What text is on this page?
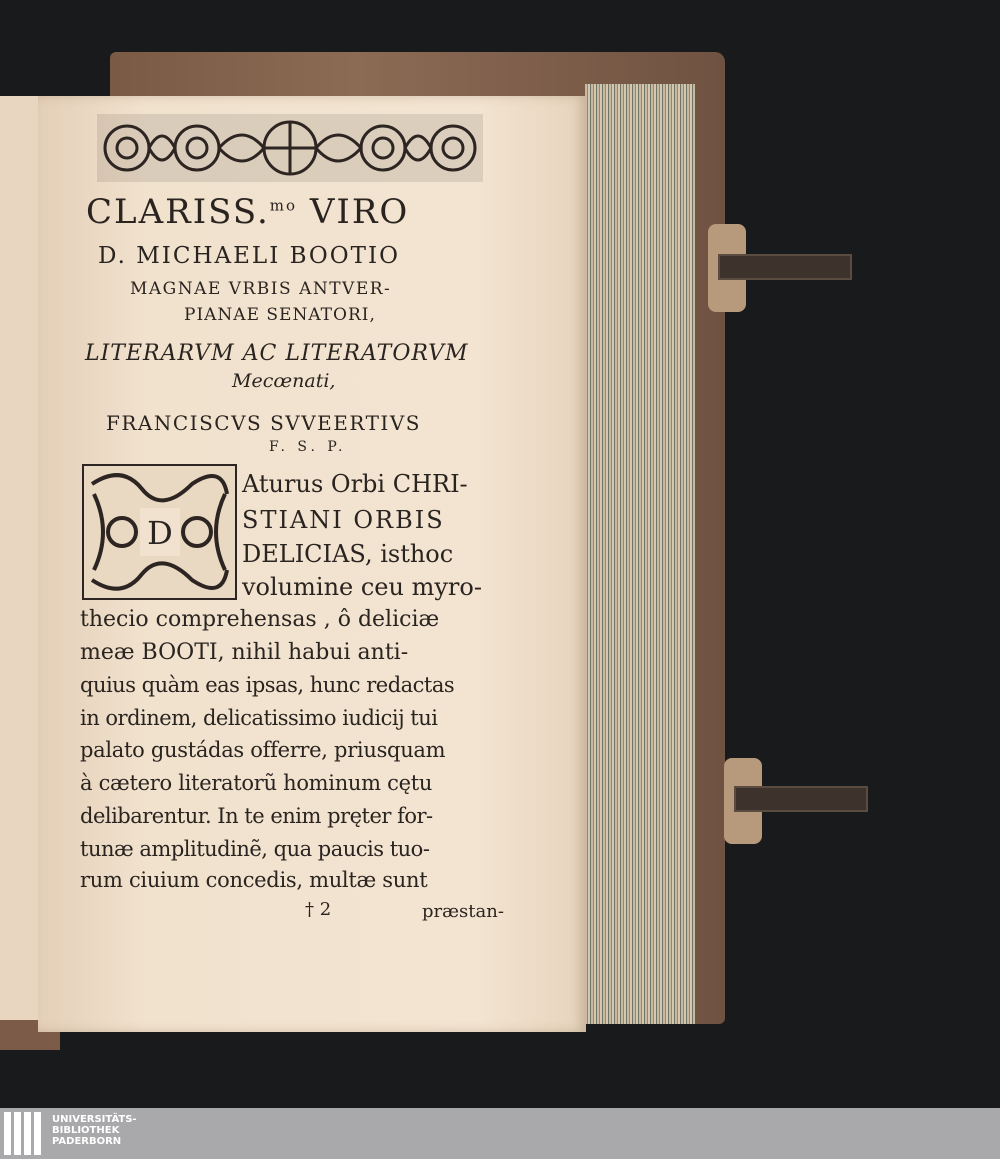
CLARISS.$^{mo}$ VIRO
D. MICHAELI BOOTIO
MAGNAE VRBIS ANTVER-
PIANAE SENATORI,
LITERARVM AC LITERATORVM
Mecœnati,
FRANCISCVS SVVEERTIVS
F. S. P.
D
Aturus Orbi CHRI-
STIANI ORBIS
DELICIAS, isthoc
volumine ceu myro-
thecio comprehensas , ô deliciæ
meæ BOOTI, nihil habui anti-
quius quàm eas ipsas, hunc redactas
in ordinem, delicatissimo iudicij tui
palato gustádas offerre, priusquam
à cætero literatorũ hominum cętu
delibarentur. In te enim pręter for-
tunæ amplitudinẽ, qua paucis tuo-
rum ciuium concedis, multæ sunt
† 2	præstan-
UNIVERSITÄTS-
BIBLIOTHEK
PADERBORN
